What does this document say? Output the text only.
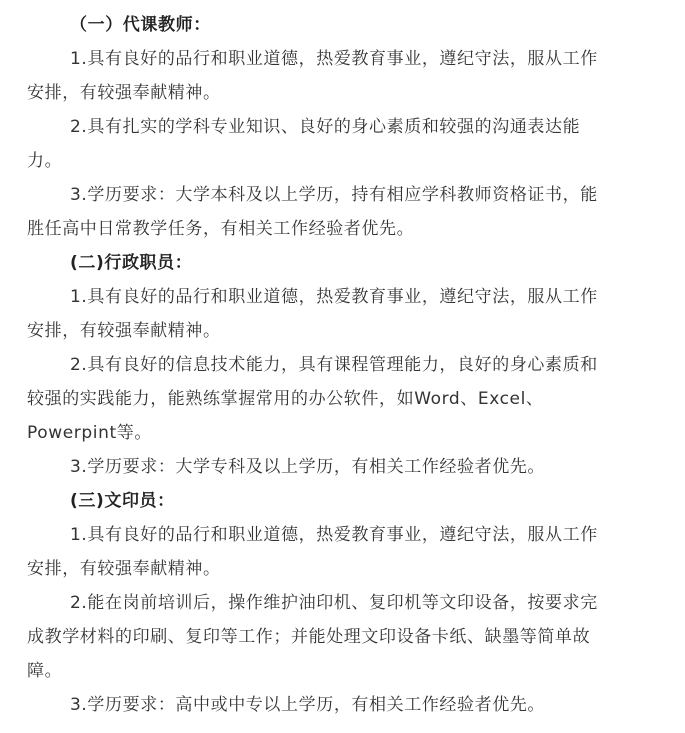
（一）代课教师：
1.具有良好的品行和职业道德，热爱教育事业，遵纪守法，服从工作
安排，有较强奉献精神。
2.具有扎实的学科专业知识、良好的身心素质和较强的沟通表达能
力。
3.学历要求：大学本科及以上学历，持有相应学科教师资格证书，能
胜任高中日常教学任务，有相关工作经验者优先。
(二)行政职员：
1.具有良好的品行和职业道德，热爱教育事业，遵纪守法，服从工作
安排，有较强奉献精神。
2.具有良好的信息技术能力，具有课程管理能力，良好的身心素质和
较强的实践能力，能熟练掌握常用的办公软件，如Word、Excel、
Powerpint等。
3.学历要求：大学专科及以上学历，有相关工作经验者优先。
(三)文印员：
1.具有良好的品行和职业道德，热爱教育事业，遵纪守法，服从工作
安排，有较强奉献精神。
2.能在岗前培训后，操作维护油印机、复印机等文印设备，按要求完
成教学材料的印刷、复印等工作；并能处理文印设备卡纸、缺墨等简单故
障。
3.学历要求：高中或中专以上学历，有相关工作经验者优先。
